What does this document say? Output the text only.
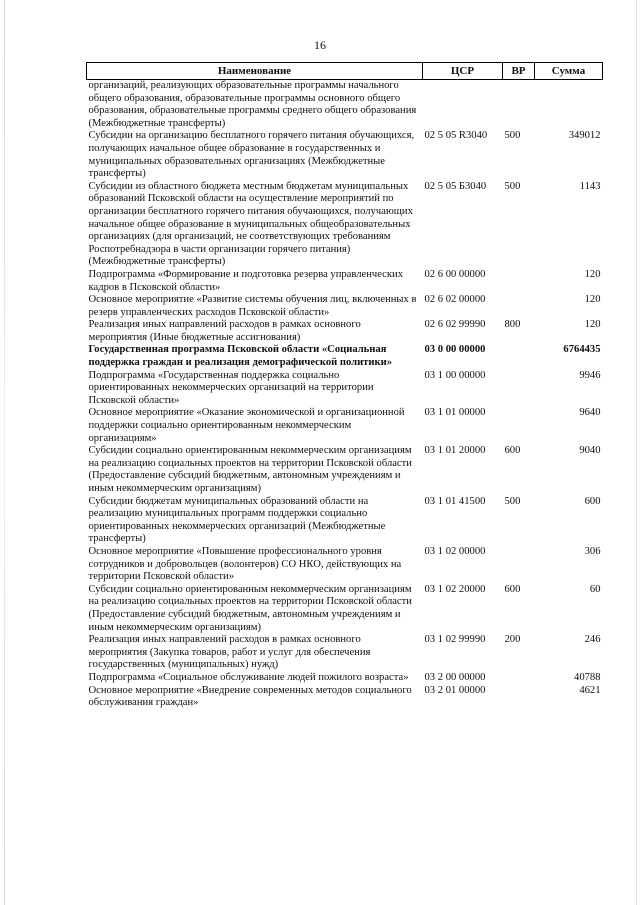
16
Наименование	ЦСР	ВР	Сумма
организаций, реализующих образовательные программы начального общего образования, образовательные программы основного общего образования, образовательные программы среднего общего образования (Межбюджетные трансферты)			
Субсидии на организацию бесплатного горячего питания обучающихся, получающих начальное общее образование в государственных и муниципальных образовательных организациях (Межбюджетные трансферты)	02 5 05 R3040	500	349012
Субсидии из областного бюджета местным бюджетам муниципальных образований Псковской области на осуществление мероприятий по организации бесплатного горячего питания обучающихся, получающих начальное общее образование в муниципальных общеобразовательных организациях (для организаций, не соответствующих требованиям Роспотребнадзора в части организации горячего питания) (Межбюджетные трансферты)	02 5 05 Б3040	500	1143
Подпрограмма «Формирование и подготовка резерва управленческих кадров в Псковской области»	02 6 00 00000		120
Основное мероприятие «Развитие системы обучения лиц, включенных в резерв управленческих расходов Псковской области»	02 6 02 00000		120
Реализация иных направлений расходов в рамках основного мероприятия (Иные бюджетные ассигнования)	02 6 02 99990	800	120
Государственная программа Псковской области «Социальная поддержка граждан и реализация демографической политики»	03 0 00 00000		6764435
Подпрограмма «Государственная поддержка социально ориентированных некоммерческих организаций на территории Псковской области»	03 1 00 00000		9946
Основное мероприятие «Оказание экономической и организационной поддержки социально ориентированным некоммерческим организациям»	03 1 01 00000		9640
Субсидии социально ориентированным некоммерческим организациям на реализацию социальных проектов на территории Псковской области (Предоставление субсидий бюджетным, автономным учреждениям и иным некоммерческим организациям)	03 1 01 20000	600	9040
Субсидии бюджетам муниципальных образований области на реализацию муниципальных программ поддержки социально ориентированных некоммерческих организаций (Межбюджетные трансферты)	03 1 01 41500	500	600
Основное мероприятие «Повышение профессионального уровня сотрудников и добровольцев (волонтеров) СО НКО, действующих на территории Псковской области»	03 1 02 00000		306
Субсидии социально ориентированным некоммерческим организациям на реализацию социальных проектов на территории Псковской области (Предоставление субсидий бюджетным, автономным учреждениям и иным некоммерческим организациям)	03 1 02 20000	600	60
Реализация иных направлений расходов в рамках основного мероприятия (Закупка товаров, работ и услуг для обеспечения государственных (муниципальных) нужд)	03 1 02 99990	200	246
Подпрограмма «Социальное обслуживание людей пожилого возраста»	03 2 00 00000		40788
Основное мероприятие «Внедрение современных методов социального обслуживания граждан»	03 2 01 00000		4621
